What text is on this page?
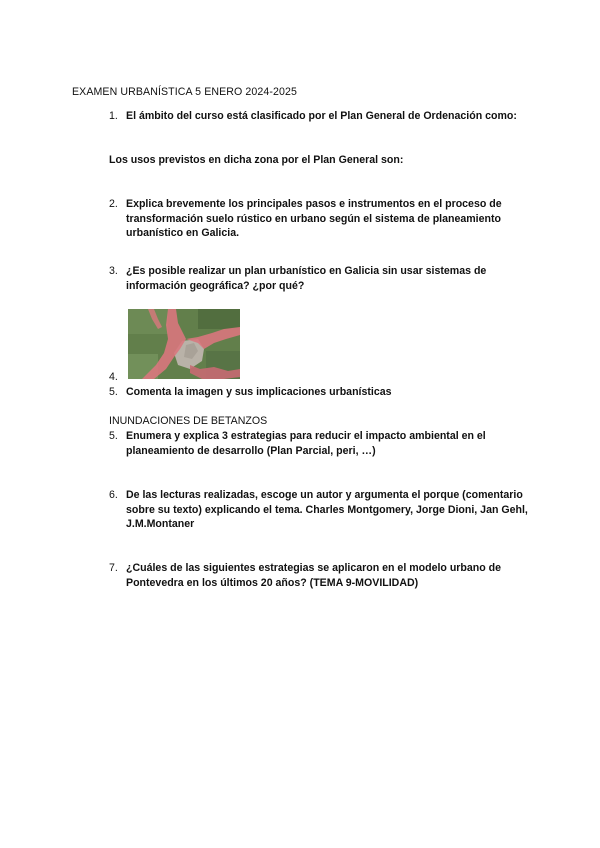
EXAMEN URBANÍSTICA 5 ENERO 2024-2025
1. El ámbito del curso está clasificado por el Plan General de Ordenación como:
Los usos previstos en dicha zona por el Plan General son:
2. Explica brevemente los principales pasos e instrumentos en el proceso de transformación suelo rústico en urbano según el sistema de planeamiento urbanístico en Galicia.
3. ¿Es posible realizar un plan urbanístico en Galicia sin usar sistemas de información geográfica? ¿por qué?
4.
5. Comenta la imagen y sus implicaciones urbanísticas
INUNDACIONES DE BETANZOS
5. Enumera y explica 3 estrategias para reducir el impacto ambiental en el planeamiento de desarrollo (Plan Parcial, peri, …)
6. De las lecturas realizadas, escoge un autor y argumenta el porque (comentario sobre su texto) explicando el tema. Charles Montgomery, Jorge Dioni, Jan Gehl, J.M.Montaner
7. ¿Cuáles de las siguientes estrategias se aplicaron en el modelo urbano de Pontevedra en los últimos 20 años? (TEMA 9-MOVILIDAD)
